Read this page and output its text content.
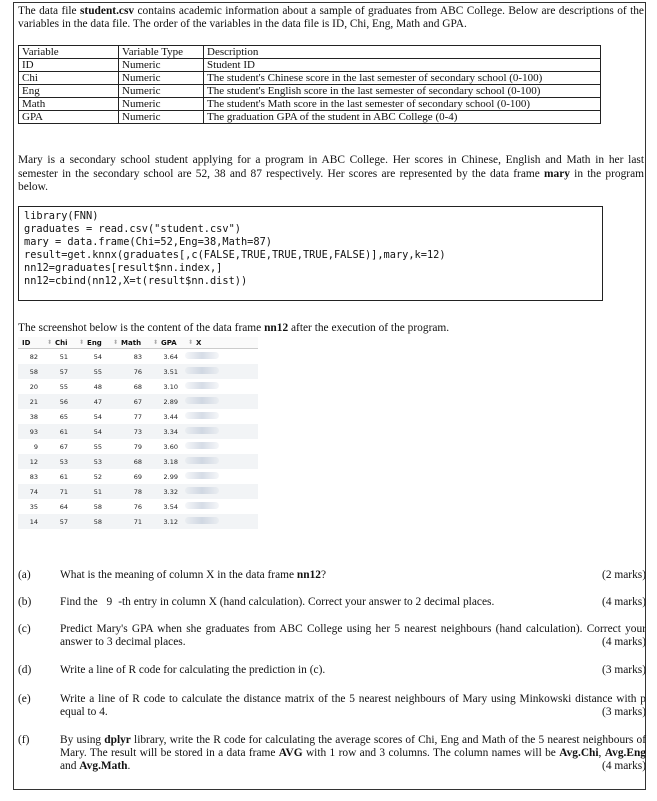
The data file student.csv contains academic information about a sample of graduates from ABC College. Below are descriptions of the variables in the data file. The order of the variables in the data file is ID, Chi, Eng, Math and GPA.
Variable	Variable Type	Description
ID	Numeric	Student ID
Chi	Numeric	The student's Chinese score in the last semester of secondary school (0-100)
Eng	Numeric	The student's English score in the last semester of secondary school (0-100)
Math	Numeric	The student's Math score in the last semester of secondary school (0-100)
GPA	Numeric	The graduation GPA of the student in ABC College (0-4)
Mary is a secondary school student applying for a program in ABC College. Her scores in Chinese, English and Math in her last semester in the secondary school are 52, 38 and 87 respectively. Her scores are represented by the data frame mary in the program below.
library(FNN)
graduates = read.csv("student.csv")
mary = data.frame(Chi=52,Eng=38,Math=87)
result=get.knnx(graduates[,c(FALSE,TRUE,TRUE,TRUE,FALSE)],mary,k=12)
nn12=graduates[result$nn.index,]
nn12=cbind(nn12,X=t(result$nn.dist))
The screenshot below is the content of the data frame nn12 after the execution of the program.
ID	⬍ Chi ⬍ Eng ⬍ Math ⬍ GPA ⬍ X
82	51	54	83	3.64
58	57	55	76	3.51
20	55	48	68	3.10
21	56	47	67	2.89
38	65	54	77	3.44
93	61	54	73	3.34
9	67	55	79	3.60
12	53	53	68	3.18
83	61	52	69	2.99
74	71	51	78	3.32
35	64	58	76	3.54
14	57	58	71	3.12
(a)	What is the meaning of column X in the data frame nn12?	(2 marks)
(b)	Find the 9 -th entry in column X (hand calculation). Correct your answer to 2 decimal places.	(4 marks)
(c)	Predict Mary's GPA when she graduates from ABC College using her 5 nearest neighbours (hand calculation). Correct your answer to 3 decimal places.	(4 marks)
(d)	Write a line of R code for calculating the prediction in (c).	(3 marks)
(e)	Write a line of R code to calculate the distance matrix of the 5 nearest neighbours of Mary using Minkowski distance with p equal to 4.	(3 marks)
(f)	By using dplyr library, write the R code for calculating the average scores of Chi, Eng and Math of the 5 nearest neighbours of Mary. The result will be stored in a data frame AVG with 1 row and 3 columns. The column names will be Avg.Chi, Avg.Eng and Avg.Math.	(4 marks)
